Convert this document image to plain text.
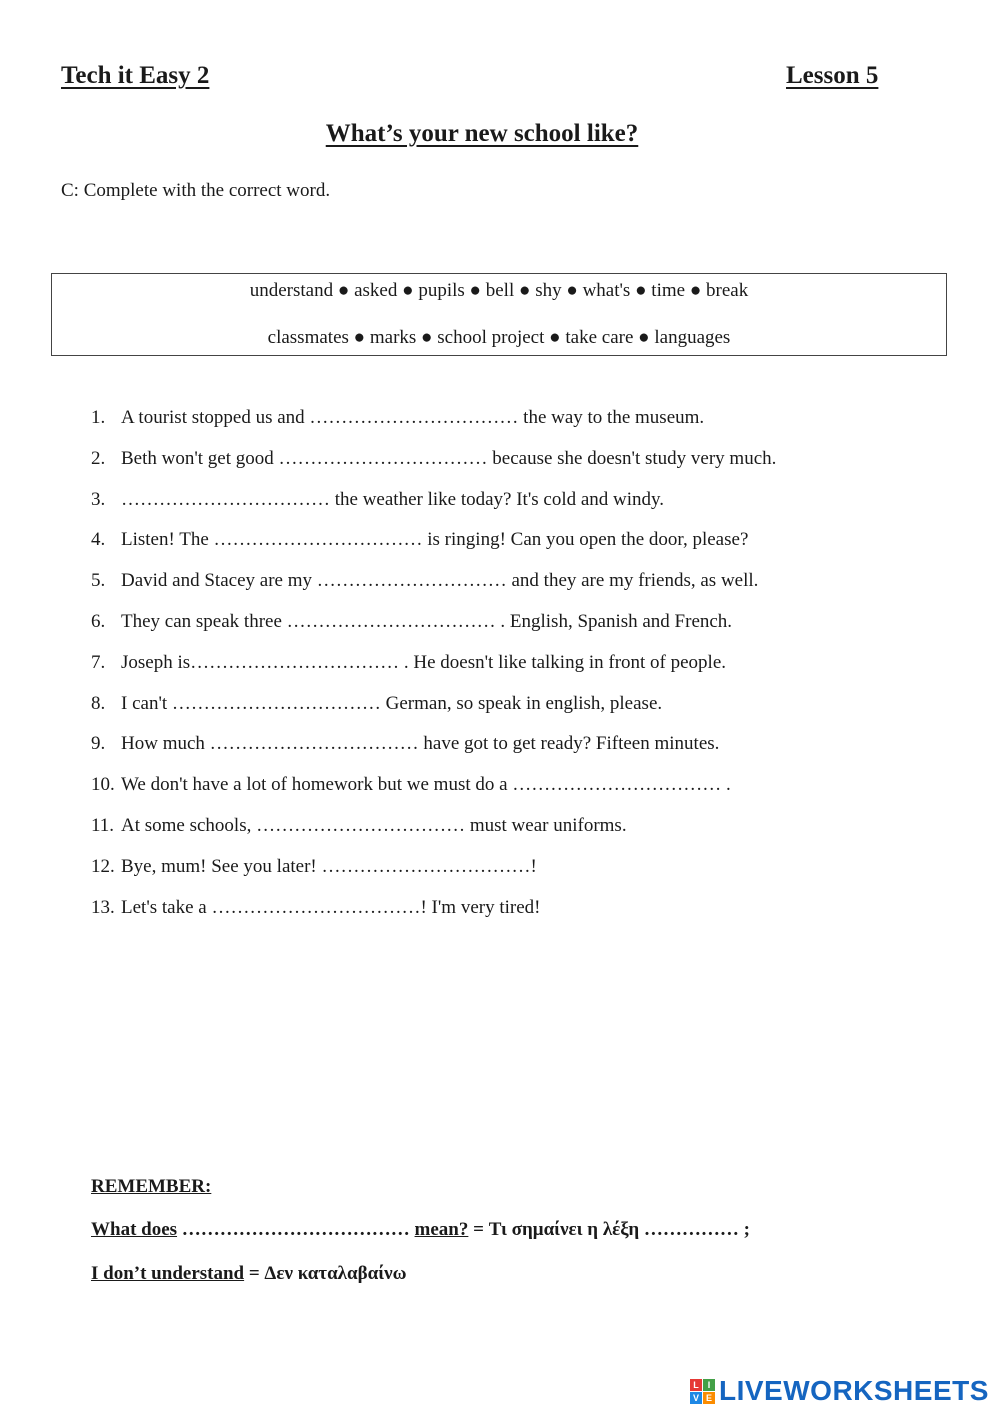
Tech it Easy 2	Lesson 5
What’s your new school like?
C: Complete with the correct word.
understand ● asked ● pupils ● bell ● shy ● what's ● time ● break
classmates ● marks ● school project ● take care ● languages
1. A tourist stopped us and …………………………… the way to the museum.
2. Beth won't get good …………………………… because she doesn't study very much.
3. …………………………… the weather like today? It's cold and windy.
4. Listen! The …………………………… is ringing! Can you open the door, please?
5. David and Stacey are my ………………………… and they are my friends, as well.
6. They can speak three …………………………… . English, Spanish and French.
7. Joseph is…………………………… . He doesn't like talking in front of people.
8. I can't …………………………… German, so speak in english, please.
9. How much …………………………… have got to get ready? Fifteen minutes.
10. We don't have a lot of homework but we must do a …………………………… .
11. At some schools, …………………………… must wear uniforms.
12. Bye, mum! See you later! ……………………………!
13. Let's take a ……………………………! I'm very tired!
REMEMBER:
What does ……………………………… mean? = Τι σημαίνει η λέξη …………… ;
I don’t understand = Δεν καταλαβαίνω
L I
V E LIVEWORKSHEETS
